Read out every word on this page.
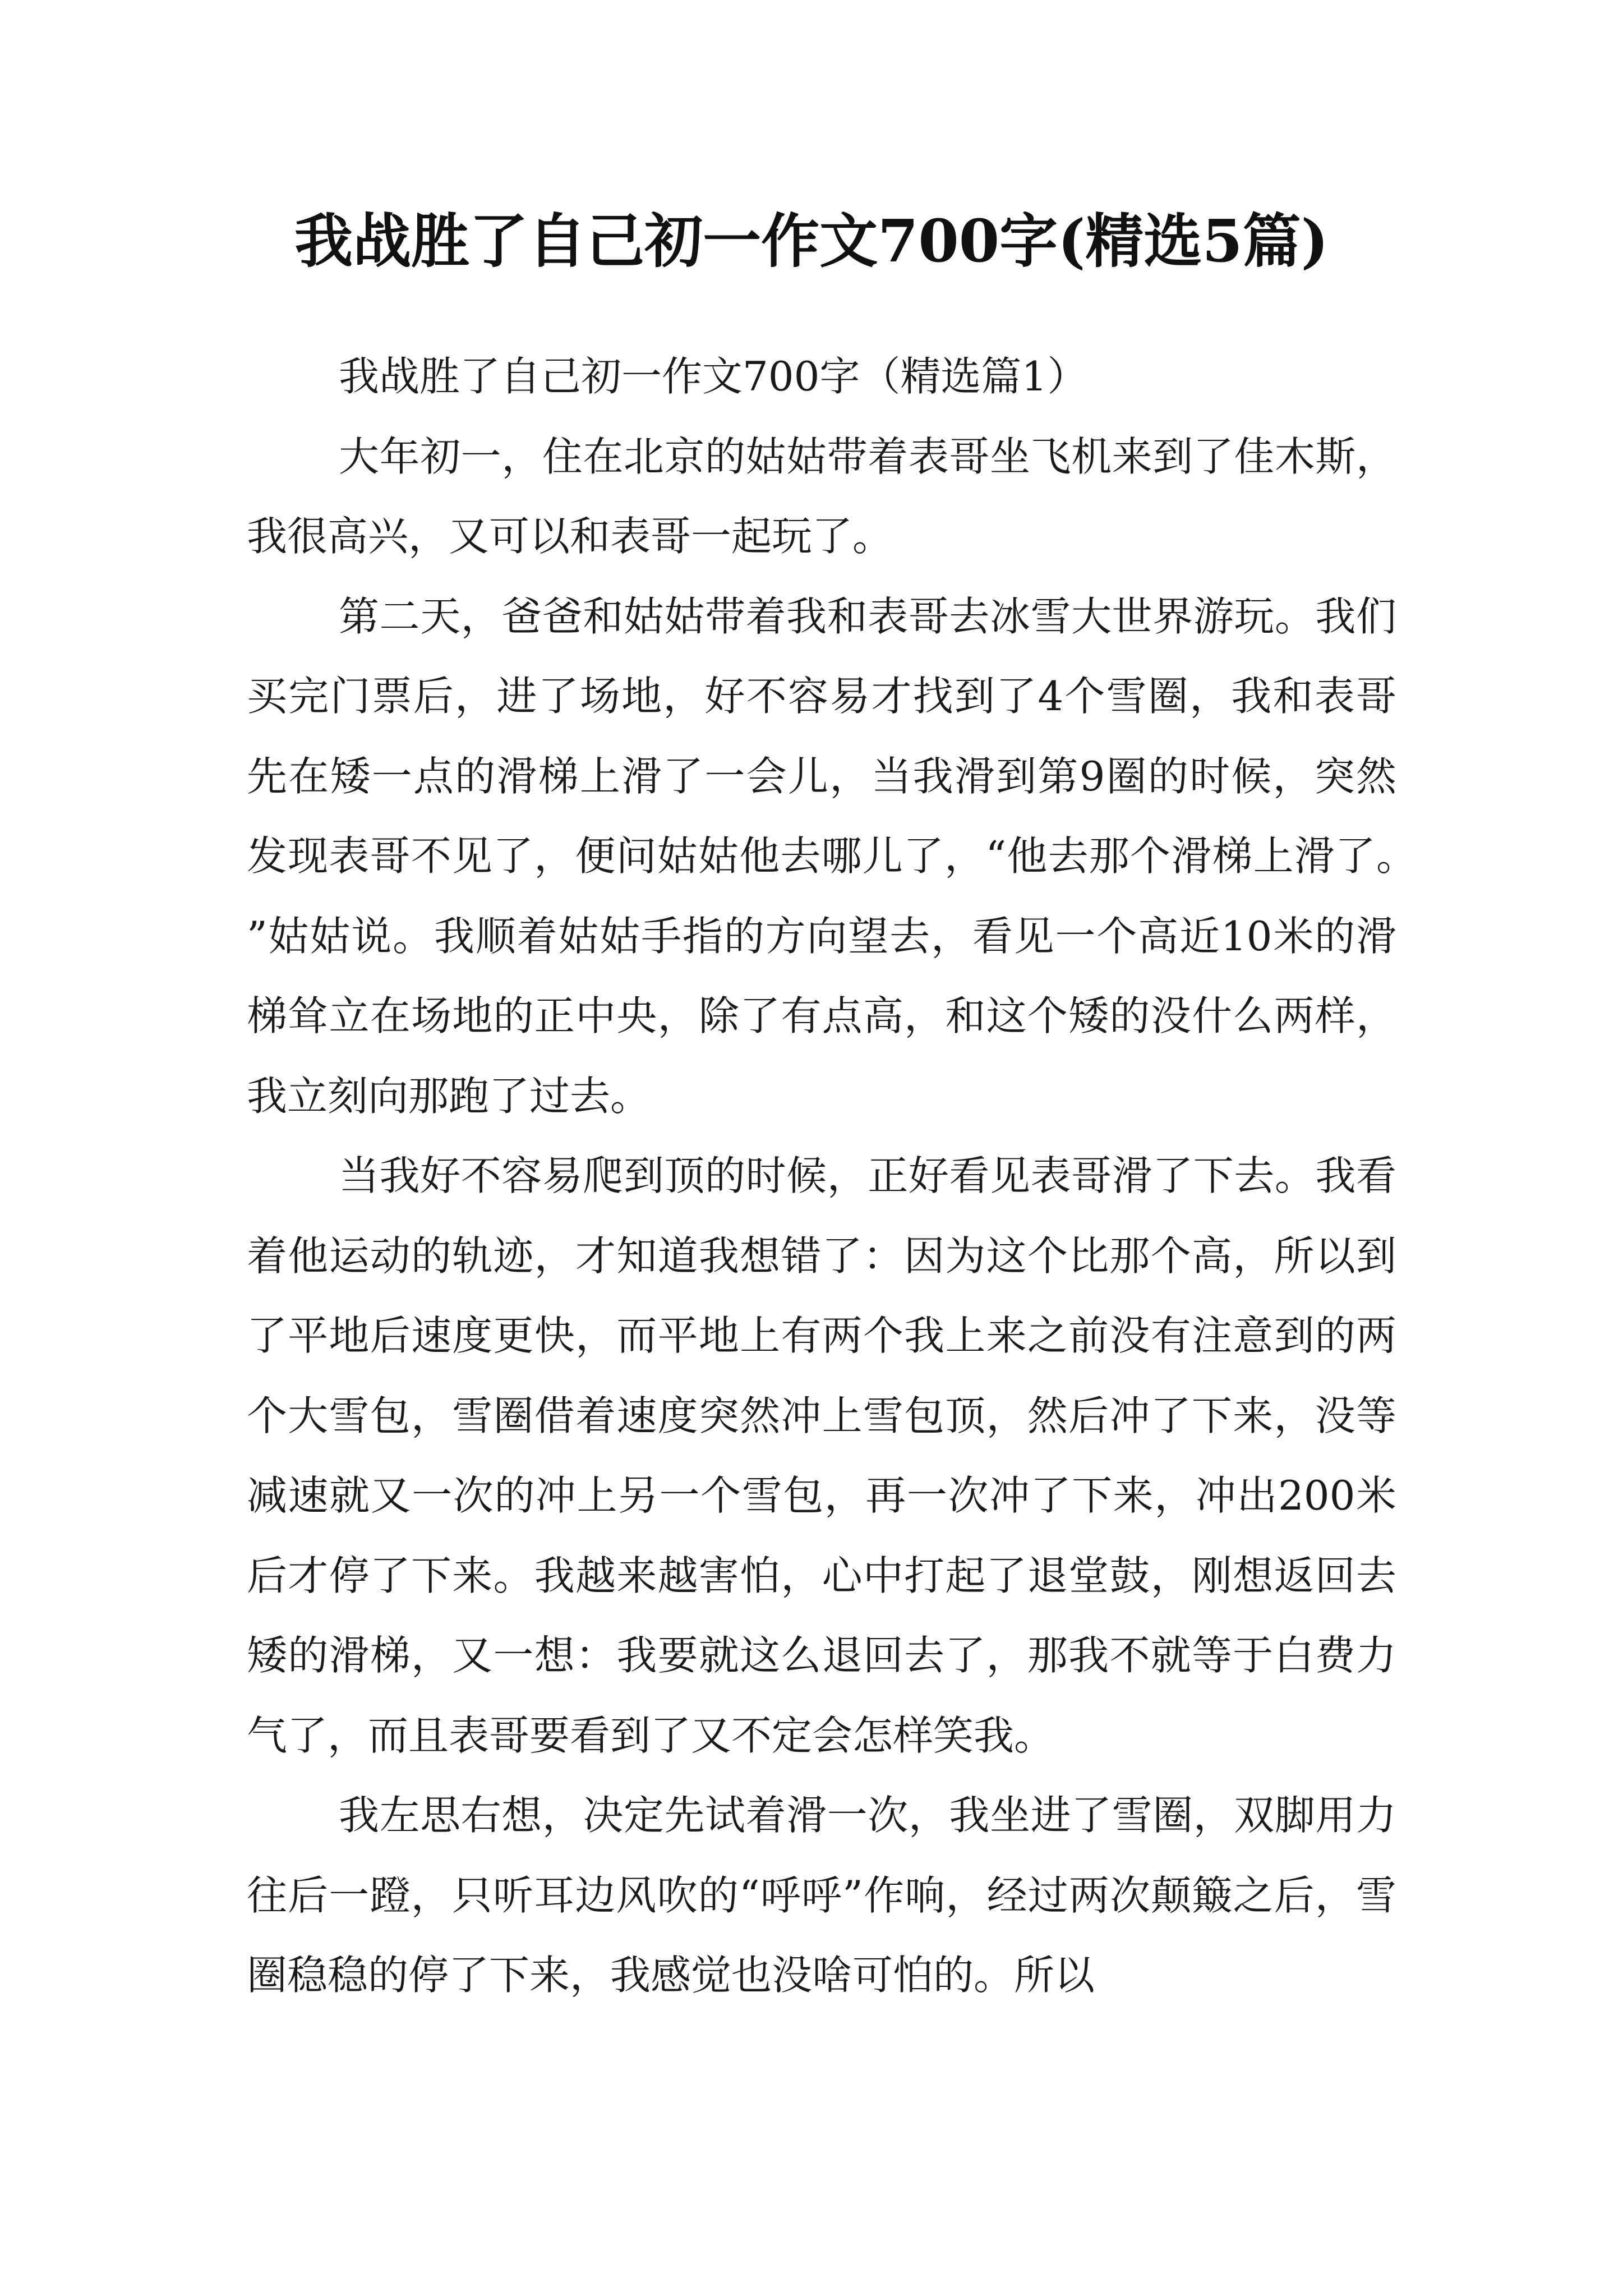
我战胜了自己初一作文700字(精选5篇)

我战胜了自己初一作文700字（精选篇1）

大年初一，住在北京的姑姑带着表哥坐飞机来到了佳木斯，我很高兴，又可以和表哥一起玩了。

第二天，爸爸和姑姑带着我和表哥去冰雪大世界游玩。我们买完门票后，进了场地，好不容易才找到了4个雪圈，我和表哥先在矮一点的滑梯上滑了一会儿，当我滑到第9圈的时候，突然发现表哥不见了，便问姑姑他去哪儿了，“他去那个滑梯上滑了。”姑姑说。我顺着姑姑手指的方向望去，看见一个高近10米的滑梯耸立在场地的正中央，除了有点高，和这个矮的没什么两样，我立刻向那跑了过去。

当我好不容易爬到顶的时候，正好看见表哥滑了下去。我看着他运动的轨迹，才知道我想错了：因为这个比那个高，所以到了平地后速度更快，而平地上有两个我上来之前没有注意到的两个大雪包，雪圈借着速度突然冲上雪包顶，然后冲了下来，没等减速就又一次的冲上另一个雪包，再一次冲了下来，冲出200米后才停了下来。我越来越害怕，心中打起了退堂鼓，刚想返回去矮的滑梯，又一想：我要就这么退回去了，那我不就等于白费力气了，而且表哥要看到了又不定会怎样笑我。

我左思右想，决定先试着滑一次，我坐进了雪圈，双脚用力往后一蹬，只听耳边风吹的“呼呼”作响，经过两次颠簸之后，雪圈稳稳的停了下来，我感觉也没啥可怕的。所以
